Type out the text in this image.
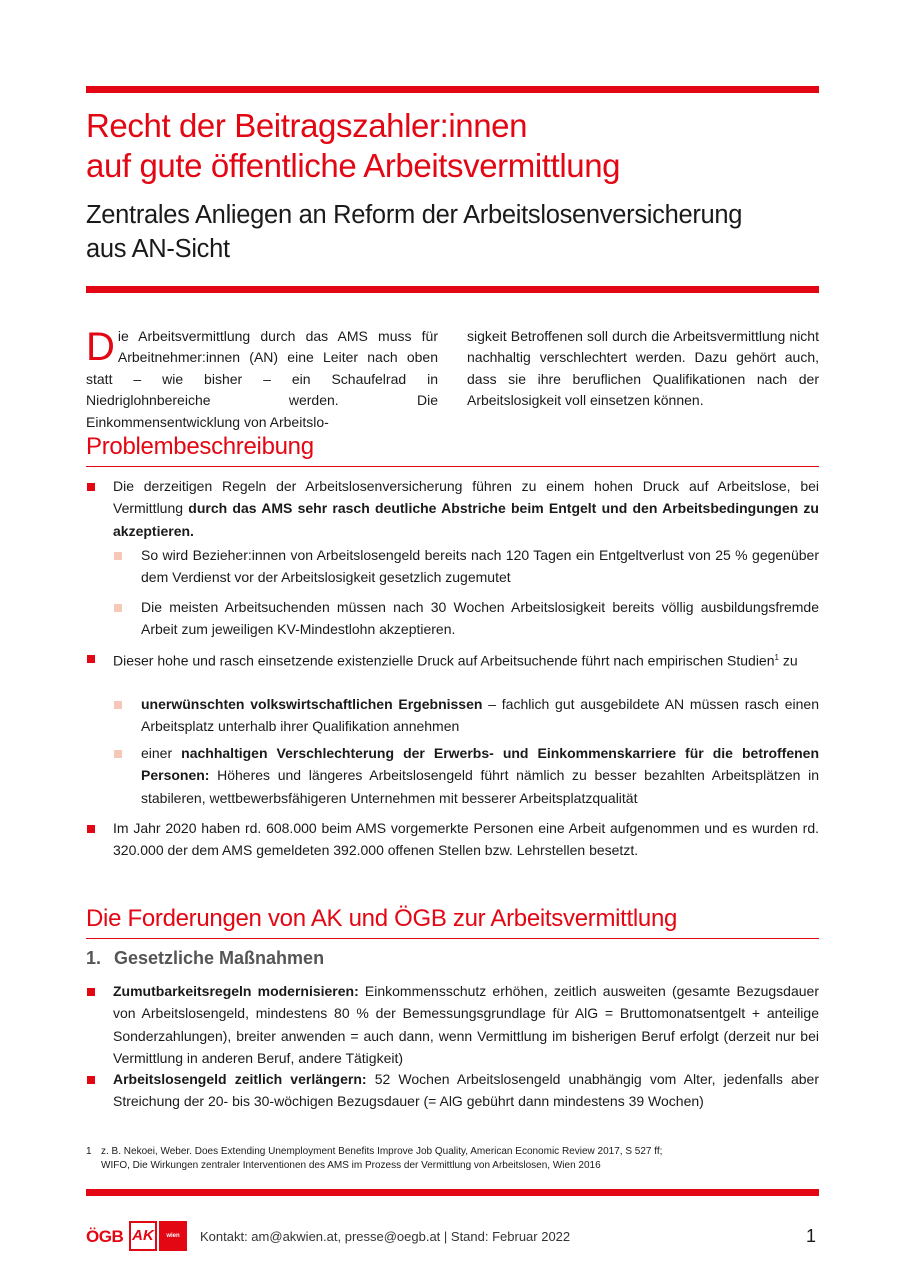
Recht der Beitragszahler:innen
auf gute öffentliche Arbeitsvermittlung
Zentrales Anliegen an Reform der Arbeitslosenversicherung
aus AN-Sicht

Die Arbeitsvermittlung durch das AMS muss für Arbeitnehmer:innen (AN) eine Leiter nach oben statt – wie bisher – ein Schaufelrad in Niedriglohnbereiche werden. Die Einkommensentwicklung von Arbeitslo-

sigkeit Betroffenen soll durch die Arbeitsvermittlung nicht nachhaltig verschlechtert werden. Dazu gehört auch, dass sie ihre beruflichen Qualifikationen nach der Arbeitslosigkeit voll einsetzen können.

Problembeschreibung

Die derzeitigen Regeln der Arbeitslosenversicherung führen zu einem hohen Druck auf Arbeitslose, bei Vermittlung durch das AMS sehr rasch deutliche Abstriche beim Entgelt und den Arbeitsbedingungen zu akzeptieren.

So wird Bezieher:innen von Arbeitslosengeld bereits nach 120 Tagen ein Entgeltverlust von 25 % gegenüber dem Verdienst vor der Arbeitslosigkeit gesetzlich zugemutet

Die meisten Arbeitsuchenden müssen nach 30 Wochen Arbeitslosigkeit bereits völlig ausbildungsfremde Arbeit zum jeweiligen KV-Mindestlohn akzeptieren.

Dieser hohe und rasch einsetzende existenzielle Druck auf Arbeitsuchende führt nach empirischen Studien$^1$ zu

unerwünschten volkswirtschaftlichen Ergebnissen – fachlich gut ausgebildete AN müssen rasch einen Arbeitsplatz unterhalb ihrer Qualifikation annehmen

einer nachhaltigen Verschlechterung der Erwerbs- und Einkommenskarriere für die betroffenen Personen: Höheres und längeres Arbeitslosengeld führt nämlich zu besser bezahlten Arbeitsplätzen in stabileren, wettbewerbsfähigeren Unternehmen mit besserer Arbeitsplatzqualität

Im Jahr 2020 haben rd. 608.000 beim AMS vorgemerkte Personen eine Arbeit aufgenommen und es wurden rd. 320.000 der dem AMS gemeldeten 392.000 offenen Stellen bzw. Lehrstellen besetzt.

Die Forderungen von AK und ÖGB zur Arbeitsvermittlung
1. Gesetzliche Maßnahmen

Zumutbarkeitsregeln modernisieren: Einkommensschutz erhöhen, zeitlich ausweiten (gesamte Bezugsdauer von Arbeitslosengeld, mindestens 80 % der Bemessungsgrundlage für AlG = Bruttomonatsentgelt + anteilige Sonderzahlungen), breiter anwenden = auch dann, wenn Vermittlung im bisherigen Beruf erfolgt (derzeit nur bei Vermittlung in anderen Beruf, andere Tätigkeit)

Arbeitslosengeld zeitlich verlängern: 52 Wochen Arbeitslosengeld unabhängig vom Alter, jedenfalls aber Streichung der 20- bis 30-wöchigen Bezugsdauer (= AlG gebührt dann mindestens 39 Wochen)

1 z. B. Nekoei, Weber. Does Extending Unemployment Benefits Improve Job Quality, American Economic Review 2017, S 527 ff;
WIFO, Die Wirkungen zentraler Interventionen des AMS im Prozess der Vermittlung von Arbeitslosen, Wien 2016
ÖGB AK	wien	Kontakt: am@akwien.at, presse@oegb.at | Stand: Februar 2022	1
